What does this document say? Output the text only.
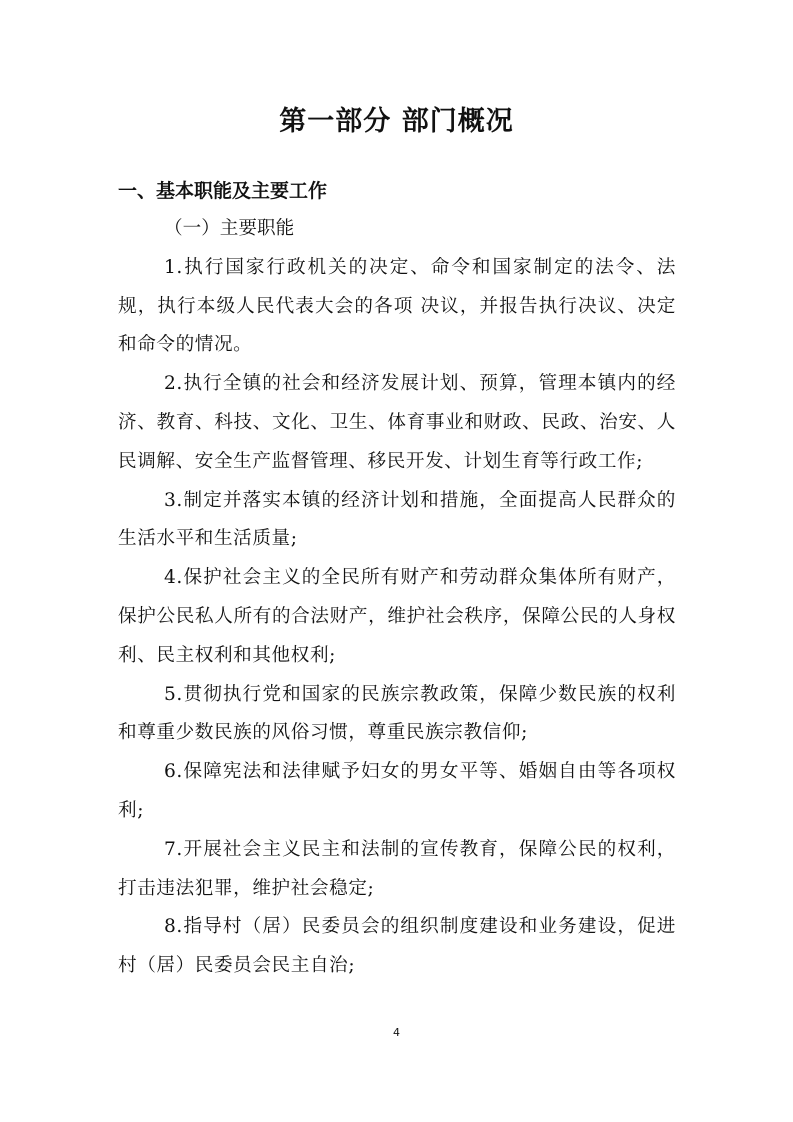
第一部分 部门概况
一、基本职能及主要工作

（一）主要职能

1.执行国家行政机关的决定、命令和国家制定的法令、法规，执行本级人民代表大会的各项 决议，并报告执行决议、决定和命令的情况。

2.执行全镇的社会和经济发展计划、预算，管理本镇内的经济、教育、科技、文化、卫生、体育事业和财政、民政、治安、人民调解、安全生产监督管理、移民开发、计划生育等行政工作;

3.制定并落实本镇的经济计划和措施，全面提高人民群众的生活水平和生活质量;

4.保护社会主义的全民所有财产和劳动群众集体所有财产，保护公民私人所有的合法财产，维护社会秩序，保障公民的人身权利、民主权利和其他权利;

5.贯彻执行党和国家的民族宗教政策，保障少数民族的权利和尊重少数民族的风俗习惯，尊重民族宗教信仰;

6.保障宪法和法律赋予妇女的男女平等、婚姻自由等各项权利;

7.开展社会主义民主和法制的宣传教育，保障公民的权利，打击违法犯罪，维护社会稳定;

8.指导村（居）民委员会的组织制度建设和业务建设，促进村（居）民委员会民主自治;

4
